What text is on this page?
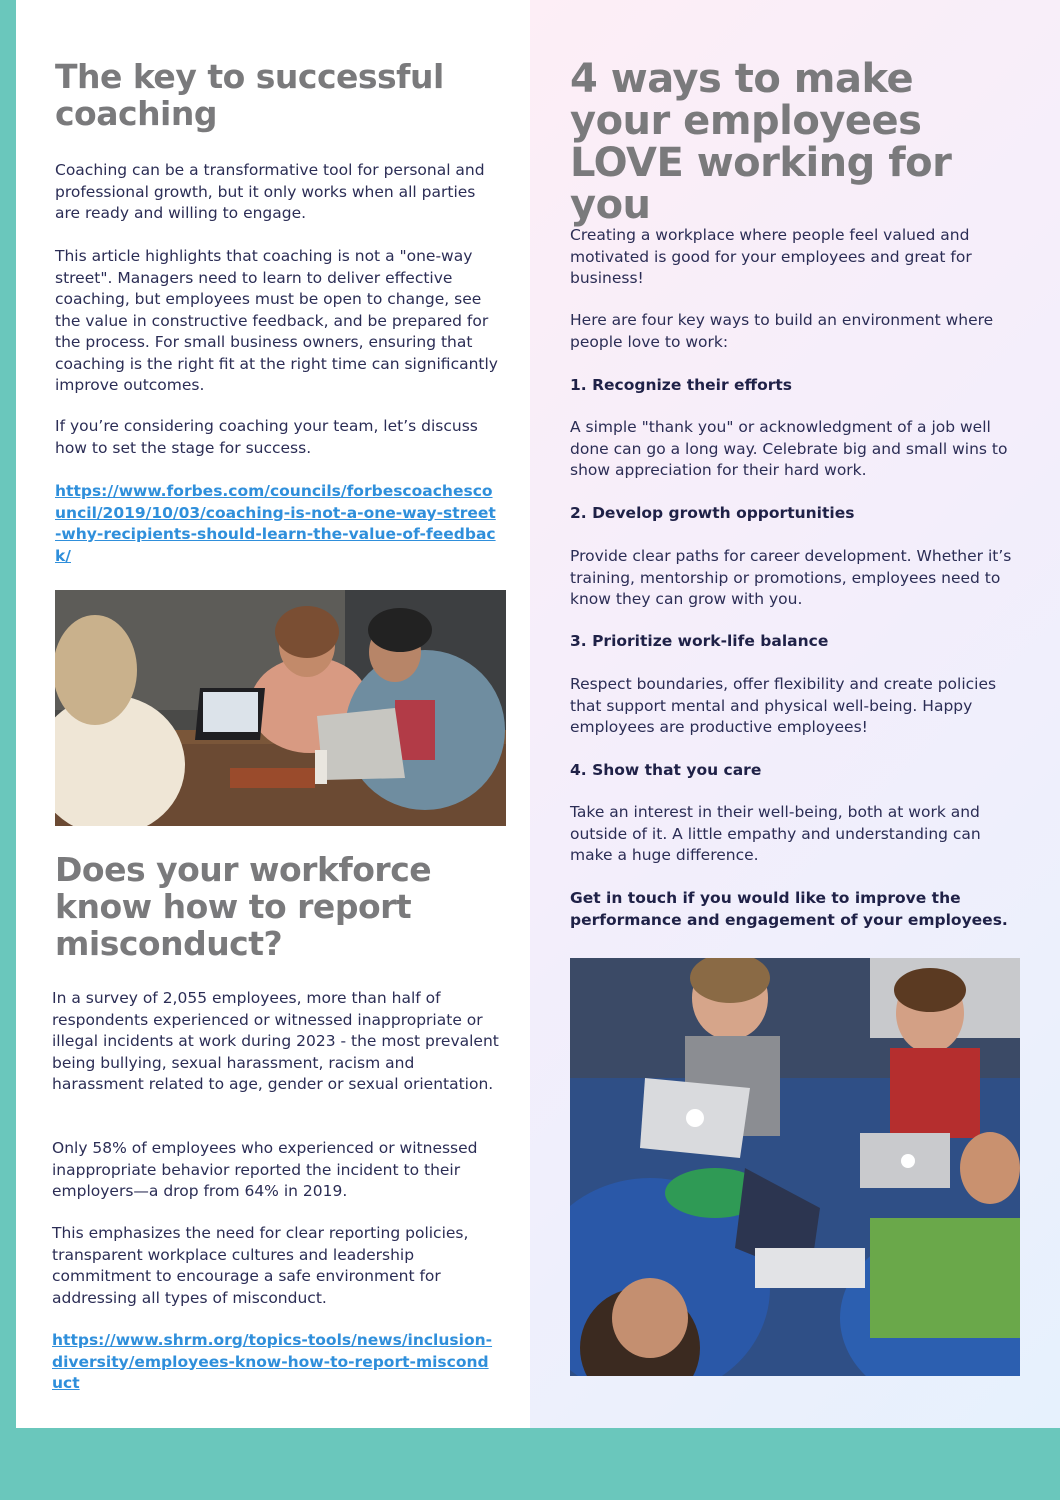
The key to successful coaching

Coaching can be a transformative tool for personal and professional growth, but it only works when all parties are ready and willing to engage.

This article highlights that coaching is not a "one-way street". Managers need to learn to deliver effective coaching, but employees must be open to change, see the value in constructive feedback, and be prepared for the process. For small business owners, ensuring that coaching is the right fit at the right time can significantly improve outcomes.

If you’re considering coaching your team, let’s discuss how to set the stage for success.

https://www.forbes.com/councils/forbescoachescouncil/2019/10/03/coaching-is-not-a-one-way-street-why-recipients-should-learn-the-value-of-feedback/
Does your workforce know how to report misconduct?

In a survey of 2,055 employees, more than half of respondents experienced or witnessed inappropriate or illegal incidents at work during 2023 - the most prevalent being bullying, sexual harassment, racism and harassment related to age, gender or sexual orientation.

Only 58% of employees who experienced or witnessed inappropriate behavior reported the incident to their employers—a drop from 64% in 2019.

This emphasizes the need for clear reporting policies, transparent workplace cultures and leadership commitment to encourage a safe environment for addressing all types of misconduct.

https://www.shrm.org/topics-tools/news/inclusion-diversity/employees-know-how-to-report-misconduct
4 ways to make your employees LOVE working for you

Creating a workplace where people feel valued and motivated is good for your employees and great for business!

Here are four key ways to build an environment where people love to work:

1. Recognize their efforts

A simple "thank you" or acknowledgment of a job well done can go a long way. Celebrate big and small wins to show appreciation for their hard work.

2. Develop growth opportunities

Provide clear paths for career development. Whether it’s training, mentorship or promotions, employees need to know they can grow with you.

3. Prioritize work-life balance

Respect boundaries, offer flexibility and create policies that support mental and physical well-being. Happy employees are productive employees!

4. Show that you care

Take an interest in their well-being, both at work and outside of it. A little empathy and understanding can make a huge difference.

Get in touch if you would like to improve the performance and engagement of your employees.
